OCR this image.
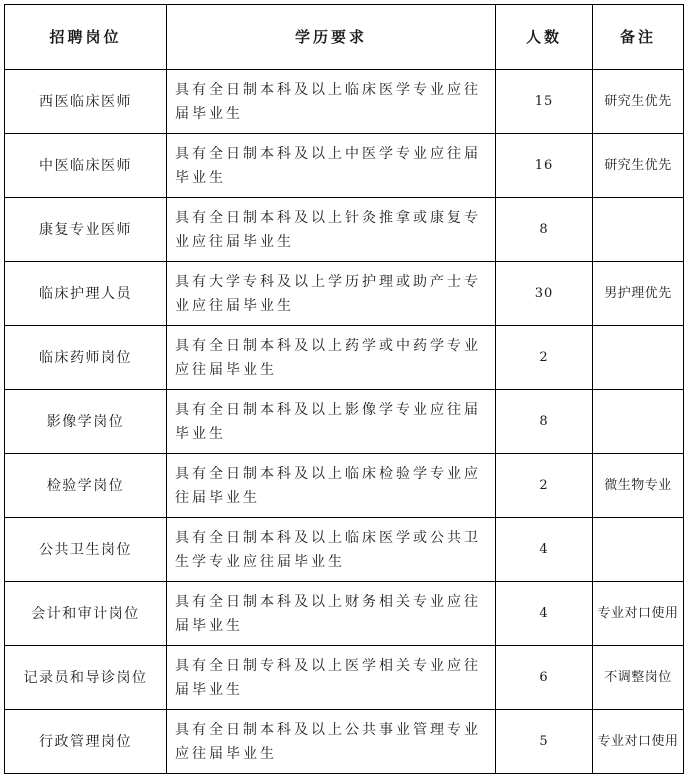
招聘岗位	学历要求	人数	备注
西医临床医师	具有全日制本科及以上临床医学专业应往届毕业生	15	研究生优先
中医临床医师	具有全日制本科及以上中医学专业应往届毕业生	16	研究生优先
康复专业医师	具有全日制本科及以上针灸推拿或康复专业应往届毕业生	8	
临床护理人员	具有大学专科及以上学历护理或助产士专业应往届毕业生	30	男护理优先
临床药师岗位	具有全日制本科及以上药学或中药学专业应往届毕业生	2	
影像学岗位	具有全日制本科及以上影像学专业应往届毕业生	8	
检验学岗位	具有全日制本科及以上临床检验学专业应往届毕业生	2	微生物专业
公共卫生岗位	具有全日制本科及以上临床医学或公共卫生学专业应往届毕业生	4	
会计和审计岗位	具有全日制本科及以上财务相关专业应往届毕业生	4	专业对口使用
记录员和导诊岗位	具有全日制专科及以上医学相关专业应往届毕业生	6	不调整岗位
行政管理岗位	具有全日制本科及以上公共事业管理专业应往届毕业生	5	专业对口使用
